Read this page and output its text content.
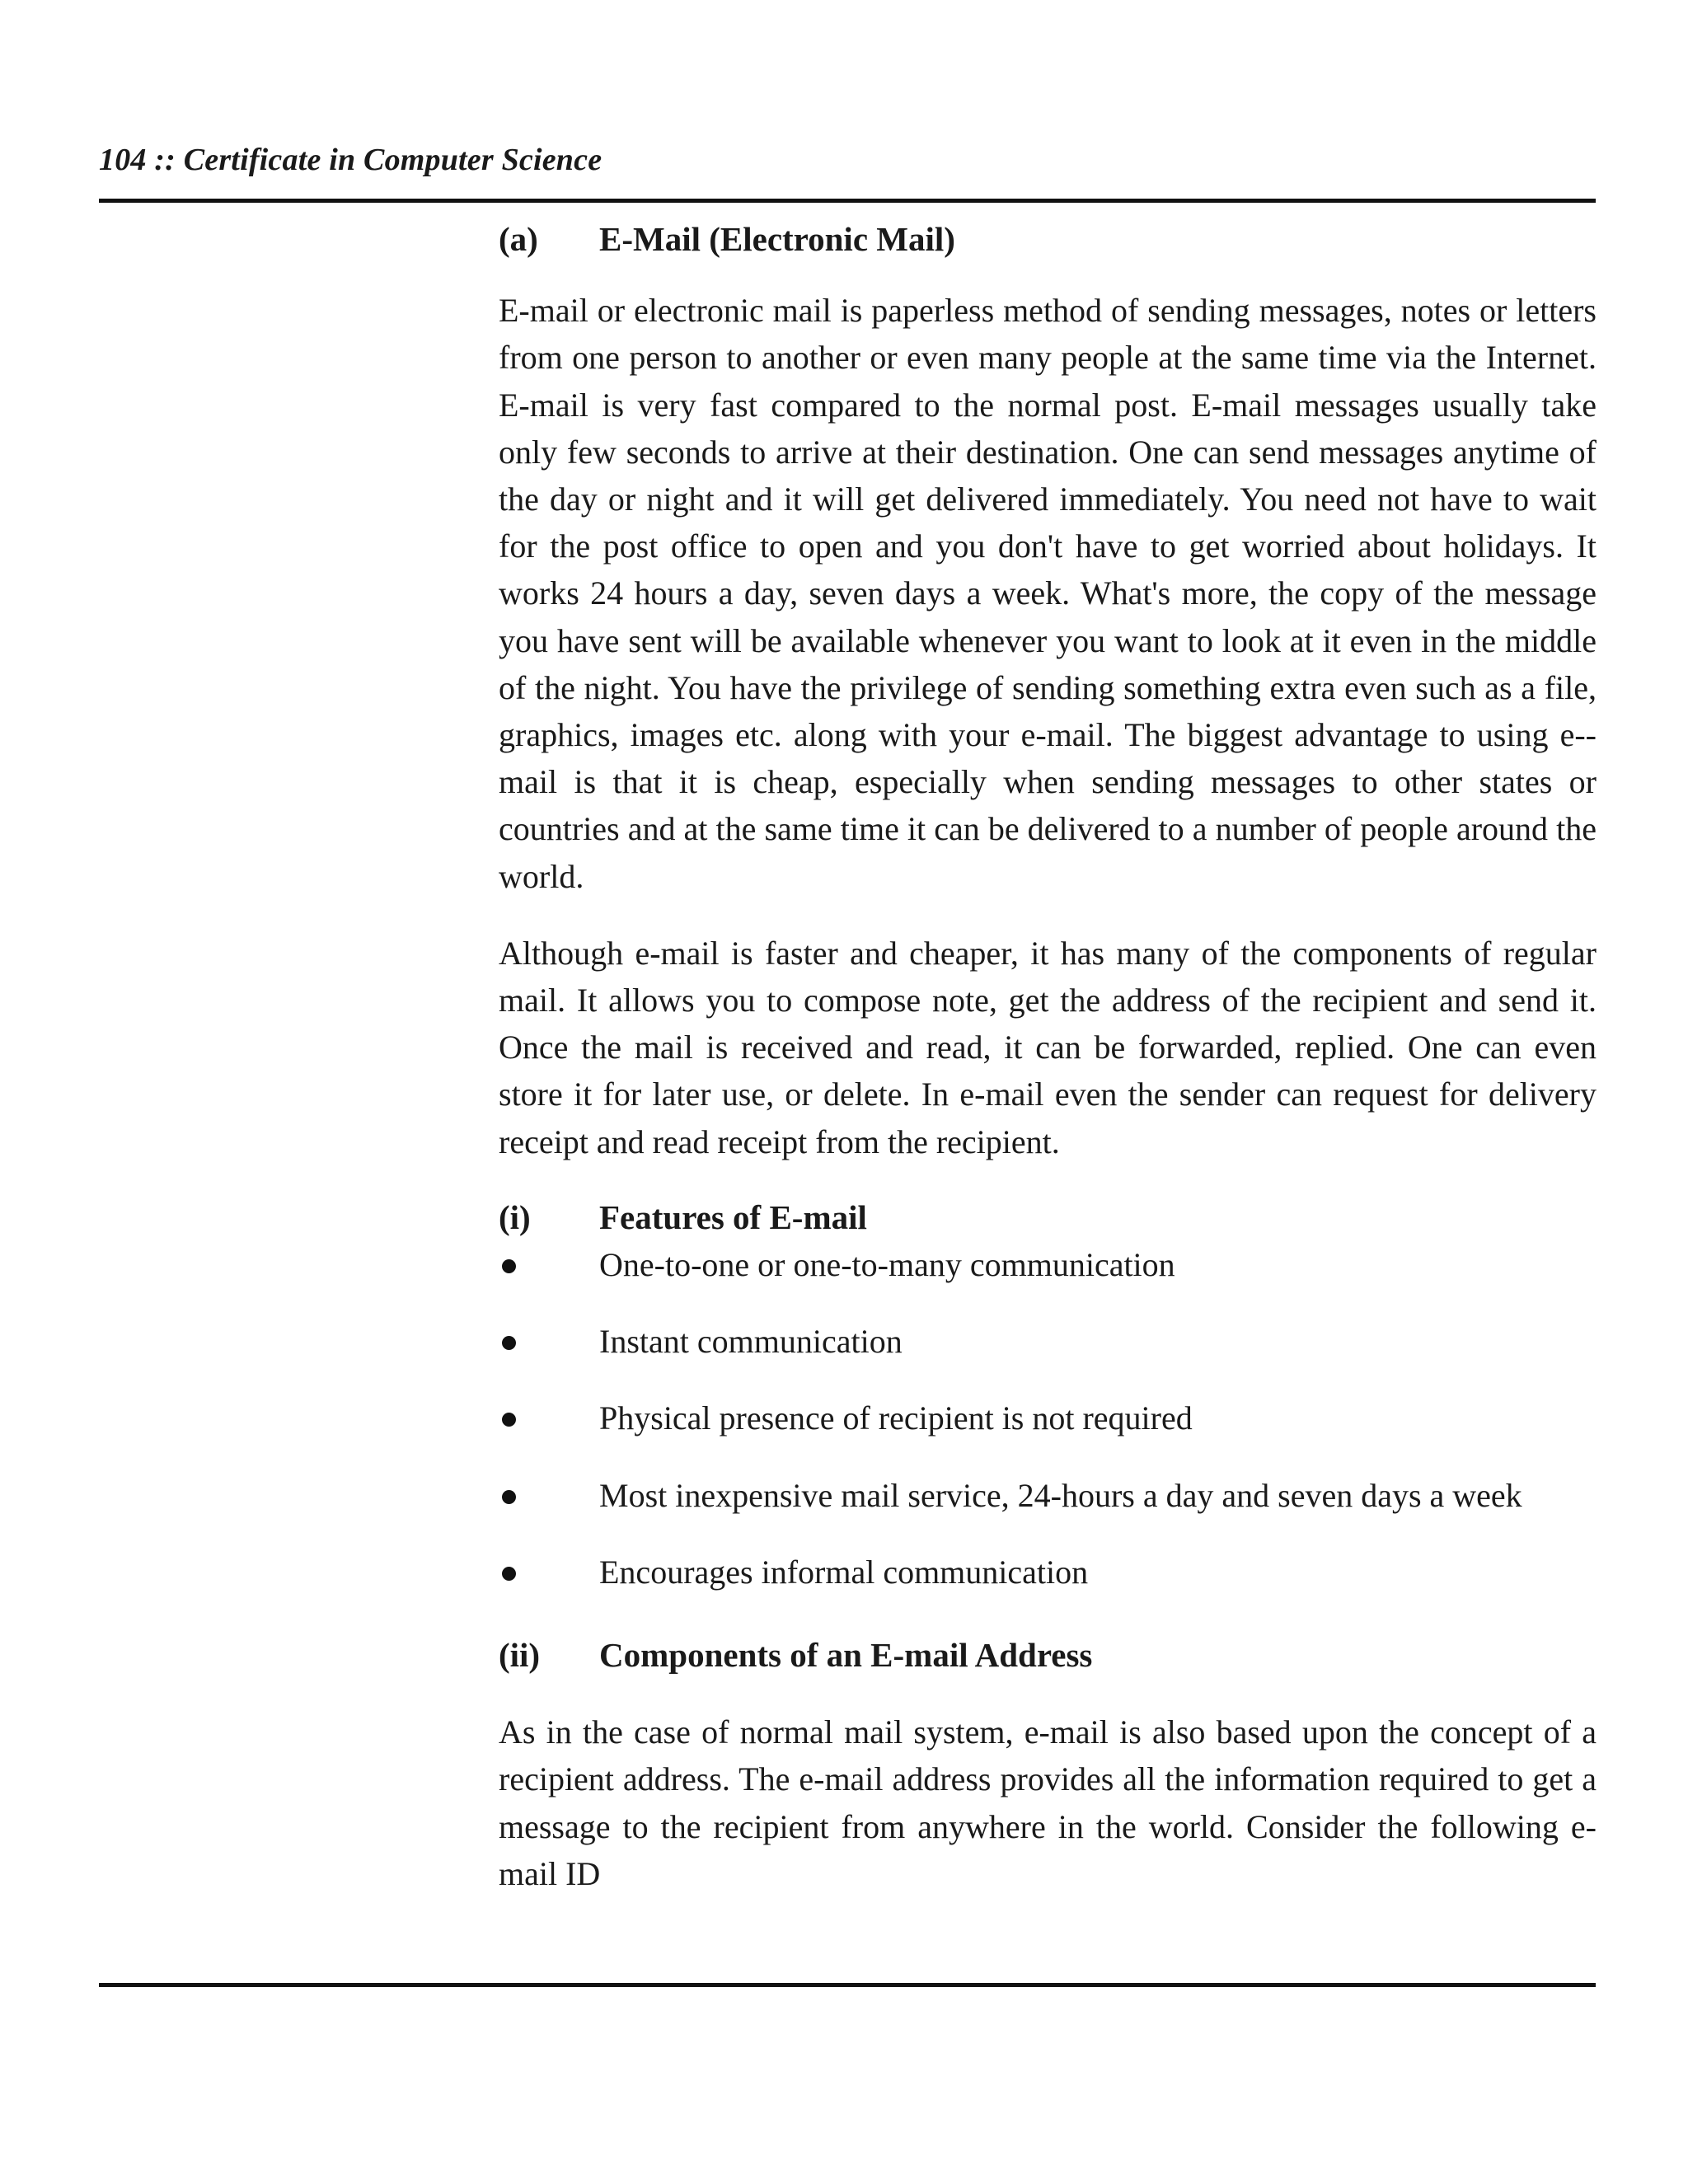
104 :: Certificate in Computer Science
(a)	E-Mail (Electronic Mail)

E-mail or electronic mail is paperless method of sending messages, notes or letters from one person to another or even many people at the same time via the Internet. E-mail is very fast compared to the normal post. E-mail messages usually take only few seconds to arrive at their destination. One can send messages anytime of the day or night and it will get delivered immediately. You need not have to wait for the post office to open and you don't have to get worried about holidays. It works 24 hours a day, seven days a week. What's more, the copy of the message you have sent will be available whenever you want to look at it even in the middle of the night. You have the privilege of sending something extra even such as a file, graphics, images etc. along with your e-mail. The biggest advantage to using e--mail is that it is cheap, especially when sending messages to other states or countries and at the same time it can be delivered to a number of people around the world.

Although e-mail is faster and cheaper, it has many of the components of regular mail. It allows you to compose note, get the address of the recipient and send it. Once the mail is received and read, it can be forwarded, replied. One can even store it for later use, or delete. In e-mail even the sender can request for delivery receipt and read receipt from the recipient.

(i)	Features of E-mail
One-to-one or one-to-many communication
Instant communication
Physical presence of recipient is not required
Most inexpensive mail service, 24-hours a day and seven days a week
Encourages informal communication
(ii)	Components of an E-mail Address

As in the case of normal mail system, e-mail is also based upon the concept of a recipient address. The e-mail address provides all the information required to get a message to the recipient from anywhere in the world. Consider the following e-mail ID
